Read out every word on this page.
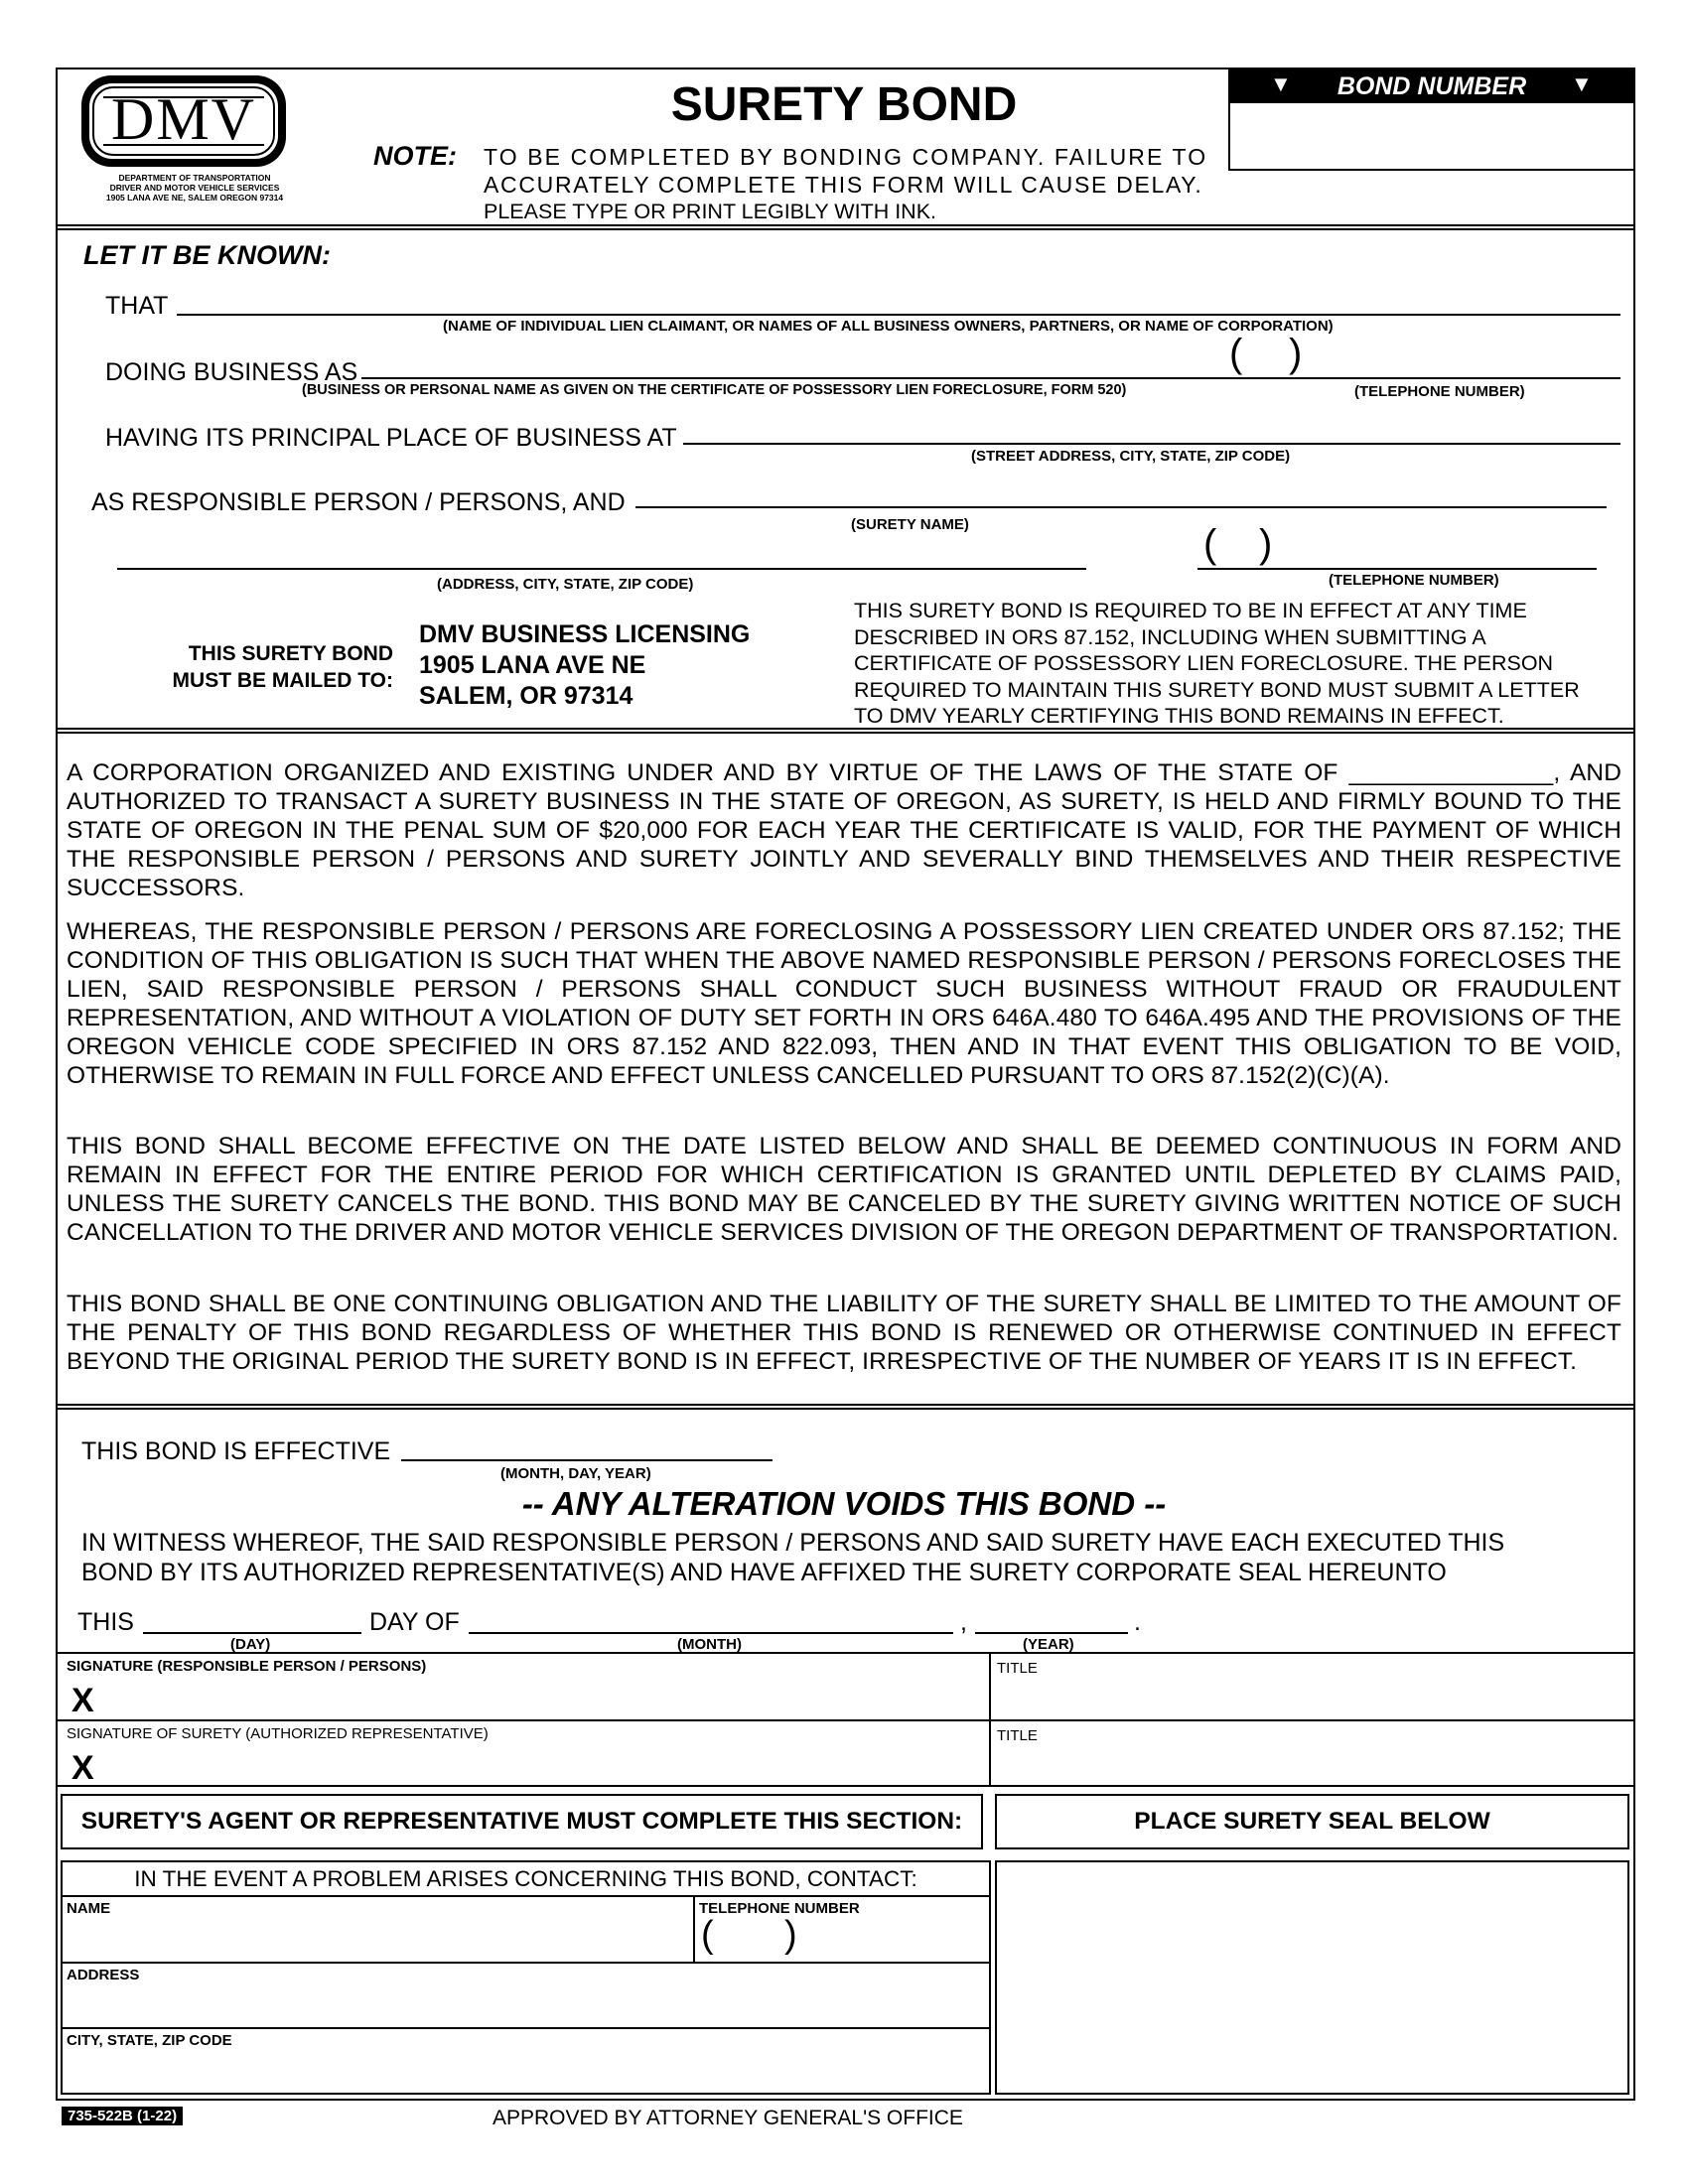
DMV
DEPARTMENT OF TRANSPORTATION
DRIVER AND MOTOR VEHICLE SERVICES
1905 LANA AVE NE, SALEM OREGON 97314
SURETY BOND
NOTE: TO BE COMPLETED BY BONDING COMPANY. FAILURE TO
ACCURATELY COMPLETE THIS FORM WILL CAUSE DELAY.
PLEASE TYPE OR PRINT LEGIBLY WITH INK.
▼	BOND NUMBER	▼
LET IT BE KNOWN:
THAT
(NAME OF INDIVIDUAL LIEN CLAIMANT, OR NAMES OF ALL BUSINESS OWNERS, PARTNERS, OR NAME OF CORPORATION)
DOING BUSINESS AS
(BUSINESS OR PERSONAL NAME AS GIVEN ON THE CERTIFICATE OF POSSESSORY LIEN FORECLOSURE, FORM 520)
( )
(TELEPHONE NUMBER)
HAVING ITS PRINCIPAL PLACE OF BUSINESS AT
(STREET ADDRESS, CITY, STATE, ZIP CODE)
AS RESPONSIBLE PERSON / PERSONS, AND
(SURETY NAME)
(ADDRESS, CITY, STATE, ZIP CODE)
( )
(TELEPHONE NUMBER)
THIS SURETY BOND
MUST BE MAILED TO:
DMV BUSINESS LICENSING
1905 LANA AVE NE
SALEM, OR 97314
THIS SURETY BOND IS REQUIRED TO BE IN EFFECT AT ANY TIME
DESCRIBED IN ORS 87.152, INCLUDING WHEN SUBMITTING A
CERTIFICATE OF POSSESSORY LIEN FORECLOSURE. THE PERSON
REQUIRED TO MAINTAIN THIS SURETY BOND MUST SUBMIT A LETTER
TO DMV YEARLY CERTIFYING THIS BOND REMAINS IN EFFECT.

A CORPORATION ORGANIZED AND EXISTING UNDER AND BY VIRTUE OF THE LAWS OF THE STATE OF _______________, AND AUTHORIZED TO TRANSACT A SURETY BUSINESS IN THE STATE OF OREGON, AS SURETY, IS HELD AND FIRMLY BOUND TO THE STATE OF OREGON IN THE PENAL SUM OF $20,000 FOR EACH YEAR THE CERTIFICATE IS VALID, FOR THE PAYMENT OF WHICH THE RESPONSIBLE PERSON / PERSONS AND SURETY JOINTLY AND SEVERALLY BIND THEMSELVES AND THEIR RESPECTIVE SUCCESSORS.

WHEREAS, THE RESPONSIBLE PERSON / PERSONS ARE FORECLOSING A POSSESSORY LIEN CREATED UNDER ORS 87.152; THE CONDITION OF THIS OBLIGATION IS SUCH THAT WHEN THE ABOVE NAMED RESPONSIBLE PERSON / PERSONS FORECLOSES THE LIEN, SAID RESPONSIBLE PERSON / PERSONS SHALL CONDUCT SUCH BUSINESS WITHOUT FRAUD OR FRAUDULENT REPRESENTATION, AND WITHOUT A VIOLATION OF DUTY SET FORTH IN ORS 646A.480 TO 646A.495 AND THE PROVISIONS OF THE OREGON VEHICLE CODE SPECIFIED IN ORS 87.152 AND 822.093, THEN AND IN THAT EVENT THIS OBLIGATION TO BE VOID, OTHERWISE TO REMAIN IN FULL FORCE AND EFFECT UNLESS CANCELLED PURSUANT TO ORS 87.152(2)(C)(A).

THIS BOND SHALL BECOME EFFECTIVE ON THE DATE LISTED BELOW AND SHALL BE DEEMED CONTINUOUS IN FORM AND REMAIN IN EFFECT FOR THE ENTIRE PERIOD FOR WHICH CERTIFICATION IS GRANTED UNTIL DEPLETED BY CLAIMS PAID, UNLESS THE SURETY CANCELS THE BOND. THIS BOND MAY BE CANCELED BY THE SURETY GIVING WRITTEN NOTICE OF SUCH CANCELLATION TO THE DRIVER AND MOTOR VEHICLE SERVICES DIVISION OF THE OREGON DEPARTMENT OF TRANSPORTATION.

THIS BOND SHALL BE ONE CONTINUING OBLIGATION AND THE LIABILITY OF THE SURETY SHALL BE LIMITED TO THE AMOUNT OF THE PENALTY OF THIS BOND REGARDLESS OF WHETHER THIS BOND IS RENEWED OR OTHERWISE CONTINUED IN EFFECT BEYOND THE ORIGINAL PERIOD THE SURETY BOND IS IN EFFECT, IRRESPECTIVE OF THE NUMBER OF YEARS IT IS IN EFFECT.

THIS BOND IS EFFECTIVE
(MONTH, DAY, YEAR)
-- ANY ALTERATION VOIDS THIS BOND --
IN WITNESS WHEREOF, THE SAID RESPONSIBLE PERSON / PERSONS AND SAID SURETY HAVE EACH EXECUTED THIS
BOND BY ITS AUTHORIZED REPRESENTATIVE(S) AND HAVE AFFIXED THE SURETY CORPORATE SEAL HEREUNTO
THIS
(DAY)
DAY OF
(MONTH)
,
(YEAR)
.
SIGNATURE (RESPONSIBLE PERSON / PERSONS)
X
TITLE
SIGNATURE OF SURETY (AUTHORIZED REPRESENTATIVE)
X
TITLE
SURETY'S AGENT OR REPRESENTATIVE MUST COMPLETE THIS SECTION:	PLACE SURETY SEAL BELOW
IN THE EVENT A PROBLEM ARISES CONCERNING THIS BOND, CONTACT:
NAME	TELEPHONE NUMBER
( )
ADDRESS
CITY, STATE, ZIP CODE
735-522B (1-22)	APPROVED BY ATTORNEY GENERAL'S OFFICE
